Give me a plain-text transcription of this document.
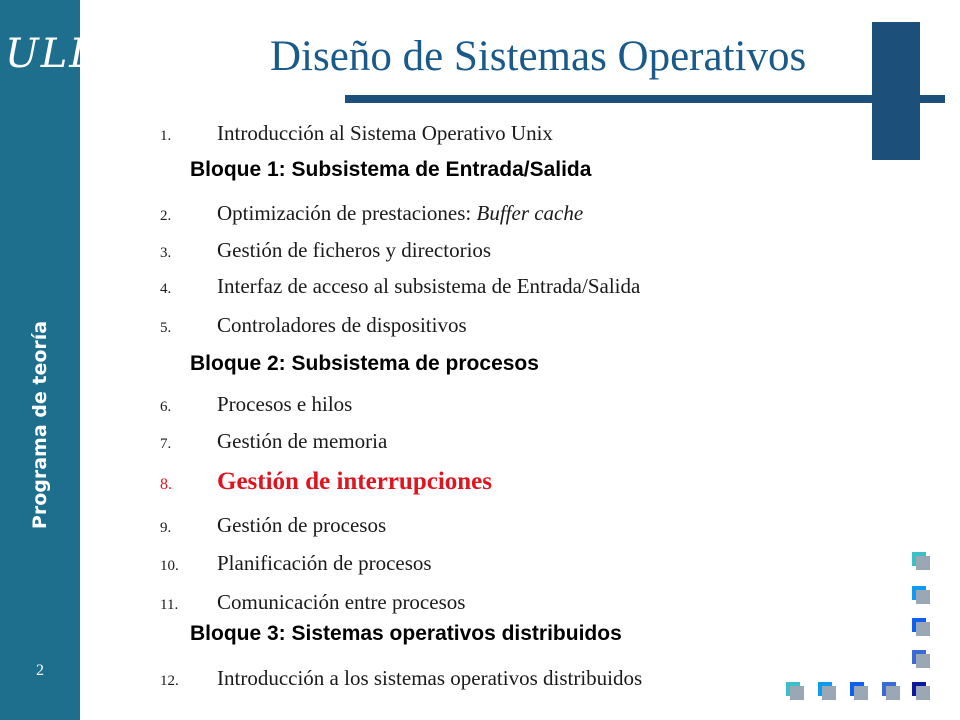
ULL
Programa de teoría
2
Diseño de Sistemas Operativos
1. Introducción al Sistema Operativo Unix
Bloque 1: Subsistema de Entrada/Salida
2. Optimización de prestaciones: Buffer cache
3. Gestión de ficheros y directorios
4. Interfaz de acceso al subsistema de Entrada/Salida
5. Controladores de dispositivos
Bloque 2: Subsistema de procesos
6. Procesos e hilos
7. Gestión de memoria
8. Gestión de interrupciones
9. Gestión de procesos
10. Planificación de procesos
11. Comunicación entre procesos
Bloque 3: Sistemas operativos distribuidos
12. Introducción a los sistemas operativos distribuidos
